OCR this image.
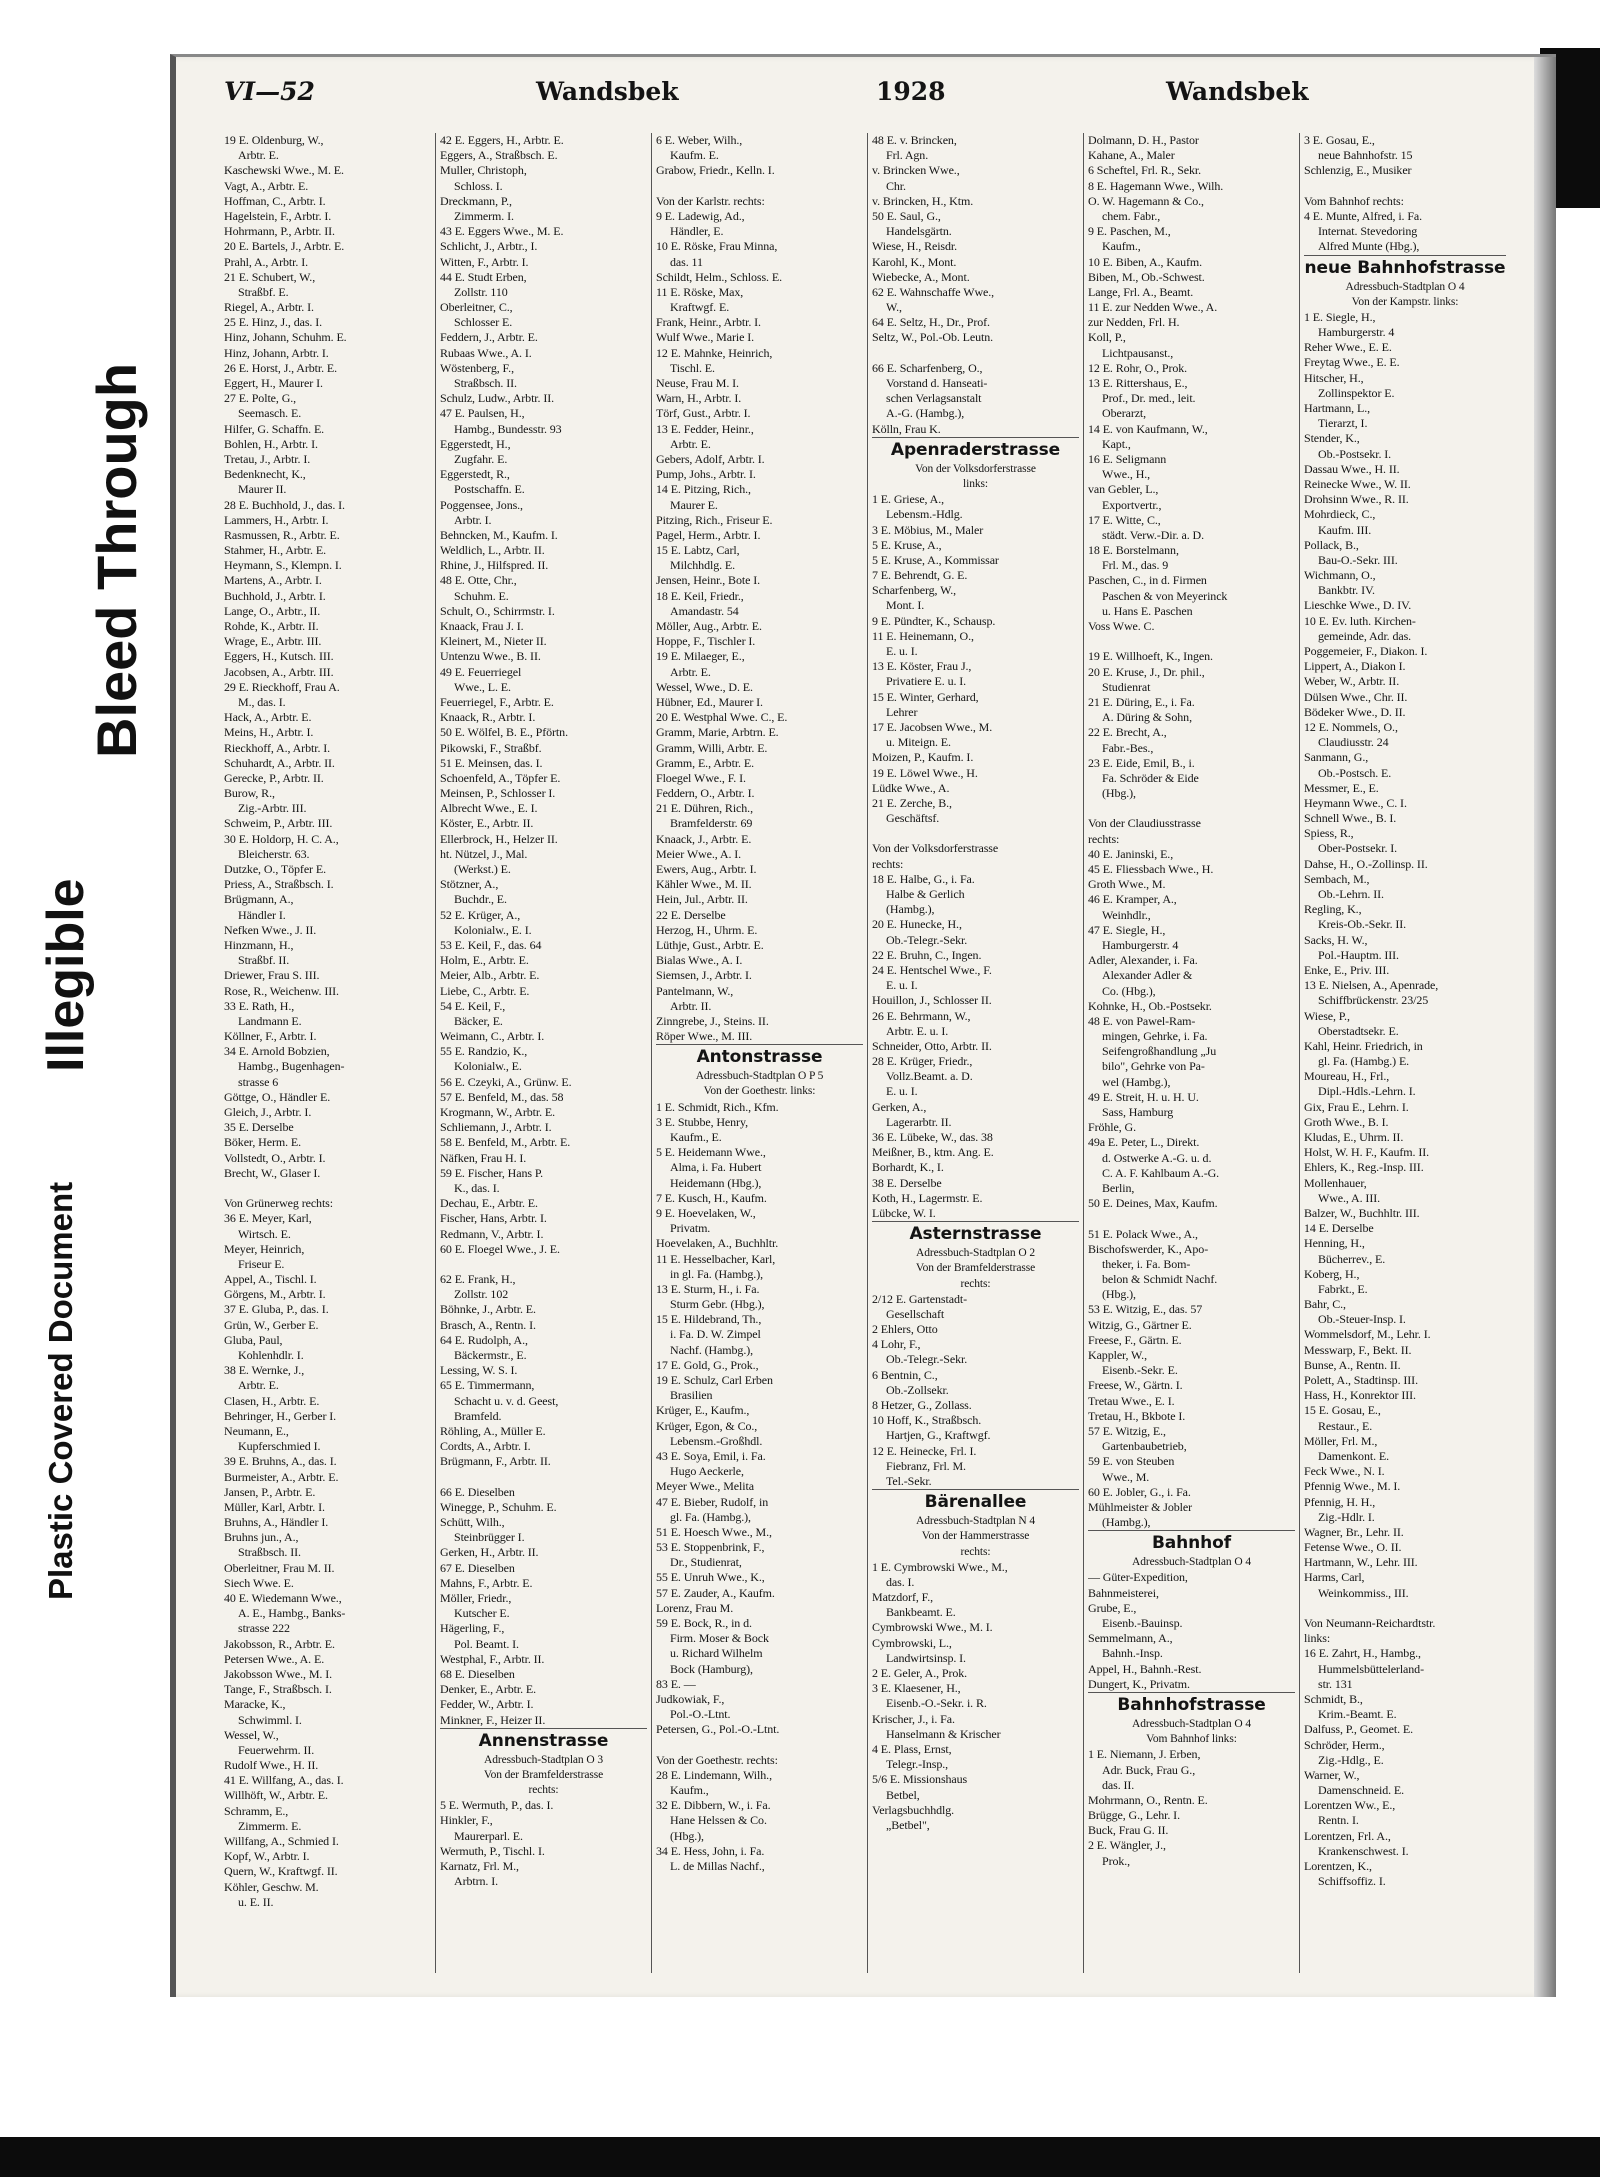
Bleed Through
Illegible
Plastic Covered Document
VI—52	Wandsbek	1928	Wandsbek
19 E. Oldenburg, W.,
Arbtr. E.
Kaschewski Wwe., M. E.
Vagt, A., Arbtr. E.
Hoffman, C., Arbtr. I.
Hagelstein, F., Arbtr. I.
Hohrmann, P., Arbtr. II.
20 E. Bartels, J., Arbtr. E.
Prahl, A., Arbtr. I.
21 E. Schubert, W.,
Straßbf. E.
Riegel, A., Arbtr. I.
25 E. Hinz, J., das. I.
Hinz, Johann, Schuhm. E.
Hinz, Johann, Arbtr. I.
26 E. Horst, J., Arbtr. E.
Eggert, H., Maurer I.
27 E. Polte, G.,
Seemasch. E.
Hilfer, G. Schaffn. E.
Bohlen, H., Arbtr. I.
Tretau, J., Arbtr. I.
Bedenknecht, K.,
Maurer II.
28 E. Buchhold, J., das. I.
Lammers, H., Arbtr. I.
Rasmussen, R., Arbtr. E.
Stahmer, H., Arbtr. E.
Heymann, S., Klempn. I.
Martens, A., Arbtr. I.
Buchhold, J., Arbtr. I.
Lange, O., Arbtr., II.
Rohde, K., Arbtr. II.
Wrage, E., Arbtr. III.
Eggers, H., Kutsch. III.
Jacobsen, A., Arbtr. III.
29 E. Rieckhoff, Frau A.
M., das. I.
Hack, A., Arbtr. E.
Meins, H., Arbtr. I.
Rieckhoff, A., Arbtr. I.
Schuhardt, A., Arbtr. II.
Gerecke, P., Arbtr. II.
Burow, R.,
Zig.-Arbtr. III.
Schweim, P., Arbtr. III.
30 E. Holdorp, H. C. A.,
Bleicherstr. 63.
Dutzke, O., Töpfer E.
Priess, A., Straßbsch. I.
Brügmann, A.,
Händler I.
Nefken Wwe., J. II.
Hinzmann, H.,
Straßbf. II.
Driewer, Frau S. III.
Rose, R., Weichenw. III.
33 E. Rath, H.,
Landmann E.
Köllner, F., Arbtr. I.
34 E. Arnold Bobzien,
Hambg., Bugenhagen-
strasse 6
Göttge, O., Händler E.
Gleich, J., Arbtr. I.
35 E. Derselbe
Böker, Herm. E.
Vollstedt, O., Arbtr. I.
Brecht, W., Glaser I.
Von Grünerweg rechts:
36 E. Meyer, Karl,
Wirtsch. E.
Meyer, Heinrich,
Friseur E.
Appel, A., Tischl. I.
Görgens, M., Arbtr. I.
37 E. Gluba, P., das. I.
Grün, W., Gerber E.
Gluba, Paul,
Kohlenhdlr. I.
38 E. Wernke, J.,
Arbtr. E.
Clasen, H., Arbtr. E.
Behringer, H., Gerber I.
Neumann, E.,
Kupferschmied I.
39 E. Bruhns, A., das. I.
Burmeister, A., Arbtr. E.
Jansen, P., Arbtr. E.
Müller, Karl, Arbtr. I.
Bruhns, A., Händler I.
Bruhns jun., A.,
Straßbsch. II.
Oberleitner, Frau M. II.
Siech Wwe. E.
40 E. Wiedemann Wwe.,
A. E., Hambg., Banks-
strasse 222
Jakobsson, R., Arbtr. E.
Petersen Wwe., A. E.
Jakobsson Wwe., M. I.
Tange, F., Straßbsch. I.
Maracke, K.,
Schwimml. I.
Wessel, W.,
Feuerwehrm. II.
Rudolf Wwe., H. II.
41 E. Willfang, A., das. I.
Willhöft, W., Arbtr. E.
Schramm, E.,
Zimmerm. E.
Willfang, A., Schmied I.
Kopf, W., Arbtr. I.
Quern, W., Kraftwgf. II.
Köhler, Geschw. M.
u. E. II.
42 E. Eggers, H., Arbtr. E.
Eggers, A., Straßbsch. E.
Muller, Christoph,
Schloss. I.
Dreckmann, P.,
Zimmerm. I.
43 E. Eggers Wwe., M. E.
Schlicht, J., Arbtr., I.
Witten, F., Arbtr. I.
44 E. Studt Erben,
Zollstr. 110
Oberleitner, C.,
Schlosser E.
Feddern, J., Arbtr. E.
Rubaas Wwe., A. I.
Wöstenberg, F.,
Straßbsch. II.
Schulz, Ludw., Arbtr. II.
47 E. Paulsen, H.,
Hambg., Bundesstr. 93
Eggerstedt, H.,
Zugfahr. E.
Eggerstedt, R.,
Postschaffn. E.
Poggensee, Jons.,
Arbtr. I.
Behncken, M., Kaufm. I.
Weldlich, L., Arbtr. II.
Rhine, J., Hilfspred. II.
48 E. Otte, Chr.,
Schuhm. E.
Schult, O., Schirrmstr. I.
Knaack, Frau J. I.
Kleinert, M., Nieter II.
Untenzu Wwe., B. II.
49 E. Feuerriegel
Wwe., L. E.
Feuerriegel, F., Arbtr. E.
Knaack, R., Arbtr. I.
50 E. Wölfel, B. E., Pförtn.
Pikowski, F., Straßbf.
51 E. Meinsen, das. I.
Schoenfeld, A., Töpfer E.
Meinsen, P., Schlosser I.
Albrecht Wwe., E. I.
Köster, E., Arbtr. II.
Ellerbrock, H., Helzer II.
ht. Nützel, J., Mal.
(Werkst.) E.
Stötzner, A.,
Buchdr., E.
52 E. Krüger, A.,
Kolonialw., E. I.
53 E. Keil, F., das. 64
Holm, E., Arbtr. E.
Meier, Alb., Arbtr. E.
Liebe, C., Arbtr. E.
54 E. Keil, F.,
Bäcker, E.
Weimann, C., Arbtr. I.
55 E. Randzio, K.,
Kolonialw., E.
56 E. Czeyki, A., Grünw. E.
57 E. Benfeld, M., das. 58
Krogmann, W., Arbtr. E.
Schliemann, J., Arbtr. I.
58 E. Benfeld, M., Arbtr. E.
Näfken, Frau H. I.
59 E. Fischer, Hans P.
K., das. I.
Dechau, E., Arbtr. E.
Fischer, Hans, Arbtr. I.
Redmann, V., Arbtr. I.
60 E. Floegel Wwe., J. E.
62 E. Frank, H.,
Zollstr. 102
Böhnke, J., Arbtr. E.
Brasch, A., Rentn. I.
64 E. Rudolph, A.,
Bäckermstr., E.
Lessing, W. S. I.
65 E. Timmermann,
Schacht u. v. d. Geest,
Bramfeld.
Röhling, A., Müller E.
Cordts, A., Arbtr. I.
Brügmann, F., Arbtr. II.
66 E. Dieselben
Winegge, P., Schuhm. E.
Schütt, Wilh.,
Steinbrügger I.
Gerken, H., Arbtr. II.
67 E. Dieselben
Mahns, F., Arbtr. E.
Möller, Friedr.,
Kutscher E.
Hägerling, F.,
Pol. Beamt. I.
Westphal, F., Arbtr. II.
68 E. Dieselben
Denker, E., Arbtr. E.
Fedder, W., Arbtr. I.
Minkner, F., Heizer II.
Annenstrasse
Adressbuch-Stadtplan O 3
Von der Bramfelderstrasse
rechts:
5 E. Wermuth, P., das. I.
Hinkler, F.,
Maurerparl. E.
Wermuth, P., Tischl. I.
Karnatz, Frl. M.,
Arbtrn. I.
6 E. Weber, Wilh.,
Kaufm. E.
Grabow, Friedr., Kelln. I.
Von der Karlstr. rechts:
9 E. Ladewig, Ad.,
Händler, E.
10 E. Röske, Frau Minna,
das. 11
Schildt, Helm., Schloss. E.
11 E. Röske, Max,
Kraftwgf. E.
Frank, Heinr., Arbtr. I.
Wulf Wwe., Marie I.
12 E. Mahnke, Heinrich,
Tischl. E.
Neuse, Frau M. I.
Warn, H., Arbtr. I.
Törf, Gust., Arbtr. I.
13 E. Fedder, Heinr.,
Arbtr. E.
Gebers, Adolf, Arbtr. I.
Pump, Johs., Arbtr. I.
14 E. Pitzing, Rich.,
Maurer E.
Pitzing, Rich., Friseur E.
Pagel, Herm., Arbtr. I.
15 E. Labtz, Carl,
Milchhdlg. E.
Jensen, Heinr., Bote I.
18 E. Keil, Friedr.,
Amandastr. 54
Möller, Aug., Arbtr. E.
Hoppe, F., Tischler I.
19 E. Milaeger, E.,
Arbtr. E.
Wessel, Wwe., D. E.
Hübner, Ed., Maurer I.
20 E. Westphal Wwe. C., E.
Gramm, Marie, Arbtrn. E.
Gramm, Willi, Arbtr. E.
Gramm, E., Arbtr. E.
Floegel Wwe., F. I.
Feddern, O., Arbtr. I.
21 E. Dühren, Rich.,
Bramfelderstr. 69
Knaack, J., Arbtr. E.
Meier Wwe., A. I.
Ewers, Aug., Arbtr. I.
Kähler Wwe., M. II.
Hein, Jul., Arbtr. II.
22 E. Derselbe
Herzog, H., Uhrm. E.
Lüthje, Gust., Arbtr. E.
Bialas Wwe., A. I.
Siemsen, J., Arbtr. I.
Pantelmann, W.,
Arbtr. II.
Zinngrebe, J., Steins. II.
Röper Wwe., M. III.
Antonstrasse
Adressbuch-Stadtplan O P 5
Von der Goethestr. links:
1 E. Schmidt, Rich., Kfm.
3 E. Stubbe, Henry,
Kaufm., E.
5 E. Heidemann Wwe.,
Alma, i. Fa. Hubert
Heidemann (Hbg.),
7 E. Kusch, H., Kaufm.
9 E. Hoevelaken, W.,
Privatm.
Hoevelaken, A., Buchhltr.
11 E. Hesselbacher, Karl,
in gl. Fa. (Hambg.),
13 E. Sturm, H., i. Fa.
Sturm Gebr. (Hbg.),
15 E. Hildebrand, Th.,
i. Fa. D. W. Zimpel
Nachf. (Hambg.),
17 E. Gold, G., Prok.,
19 E. Schulz, Carl Erben
Brasilien
Krüger, E., Kaufm.,
Krüger, Egon, & Co.,
Lebensm.-Großhdl.
43 E. Soya, Emil, i. Fa.
Hugo Aeckerle,
Meyer Wwe., Melita
47 E. Bieber, Rudolf, in
gl. Fa. (Hambg.),
51 E. Hoesch Wwe., M.,
53 E. Stoppenbrink, F.,
Dr., Studienrat,
55 E. Unruh Wwe., K.,
57 E. Zauder, A., Kaufm.
Lorenz, Frau M.
59 E. Bock, R., in d.
Firm. Moser & Bock
u. Richard Wilhelm
Bock (Hamburg),
83 E. —
Judkowiak, F.,
Pol.-O.-Ltnt.
Petersen, G., Pol.-O.-Ltnt.
Von der Goethestr. rechts:
28 E. Lindemann, Wilh.,
Kaufm.,
32 E. Dibbern, W., i. Fa.
Hane Helssen & Co.
(Hbg.),
34 E. Hess, John, i. Fa.
L. de Millas Nachf.,
48 E. v. Brincken,
Frl. Agn.
v. Brincken Wwe.,
Chr.
v. Brincken, H., Ktm.
50 E. Saul, G.,
Handelsgärtn.
Wiese, H., Reisdr.
Karohl, K., Mont.
Wiebecke, A., Mont.
62 E. Wahnschaffe Wwe.,
W.,
64 E. Seltz, H., Dr., Prof.
Seltz, W., Pol.-Ob. Leutn.
66 E. Scharfenberg, O.,
Vorstand d. Hanseati-
schen Verlagsanstalt
A.-G. (Hambg.),
Kölln, Frau K.
Apenraderstrasse
Von der Volksdorferstrasse
links:
1 E. Griese, A.,
Lebensm.-Hdlg.
3 E. Möbius, M., Maler
5 E. Kruse, A.,
5 E. Kruse, A., Kommissar
7 E. Behrendt, G. E.
Scharfenberg, W.,
Mont. I.
9 E. Pündter, K., Schausp.
11 E. Heinemann, O.,
E. u. I.
13 E. Köster, Frau J.,
Privatiere E. u. I.
15 E. Winter, Gerhard,
Lehrer
17 E. Jacobsen Wwe., M.
u. Miteign. E.
Moizen, P., Kaufm. I.
19 E. Löwel Wwe., H.
Lüdke Wwe., A.
21 E. Zerche, B.,
Geschäftsf.
Von der Volksdorferstrasse
rechts:
18 E. Halbe, G., i. Fa.
Halbe & Gerlich
(Hambg.),
20 E. Hunecke, H.,
Ob.-Telegr.-Sekr.
22 E. Bruhn, C., Ingen.
24 E. Hentschel Wwe., F.
E. u. I.
Houillon, J., Schlosser II.
26 E. Behrmann, W.,
Arbtr. E. u. I.
Schneider, Otto, Arbtr. II.
28 E. Krüger, Friedr.,
Vollz.Beamt. a. D.
E. u. I.
Gerken, A.,
Lagerarbtr. II.
36 E. Lübeke, W., das. 38
Meißner, B., ktm. Ang. E.
Borhardt, K., I.
38 E. Derselbe
Koth, H., Lagermstr. E.
Lübcke, W. I.
Asternstrasse
Adressbuch-Stadtplan O 2
Von der Bramfelderstrasse
rechts:
2/12 E. Gartenstadt-
Gesellschaft
2 Ehlers, Otto
4 Lohr, F.,
Ob.-Telegr.-Sekr.
6 Bentnin, C.,
Ob.-Zollsekr.
8 Hetzer, G., Zollass.
10 Hoff, K., Straßbsch.
Hartjen, G., Kraftwgf.
12 E. Heinecke, Frl. I.
Fiebranz, Frl. M.
Tel.-Sekr.
Bärenallee
Adressbuch-Stadtplan N 4
Von der Hammerstrasse
rechts:
1 E. Cymbrowski Wwe., M.,
das. I.
Matzdorf, F.,
Bankbeamt. E.
Cymbrowski Wwe., M. I.
Cymbrowski, L.,
Landwirtsinsp. I.
2 E. Geler, A., Prok.
3 E. Klaesener, H.,
Eisenb.-O.-Sekr. i. R.
Krischer, J., i. Fa.
Hanselmann & Krischer
4 E. Plass, Ernst,
Telegr.-Insp.,
5/6 E. Missionshaus
Betbel,
Verlagsbuchhdlg.
„Betbel",
Dolmann, D. H., Pastor
Kahane, A., Maler
6 Scheftel, Frl. R., Sekr.
8 E. Hagemann Wwe., Wilh.
O. W. Hagemann & Co.,
chem. Fabr.,
9 E. Paschen, M.,
Kaufm.,
10 E. Biben, A., Kaufm.
Biben, M., Ob.-Schwest.
Lange, Frl. A., Beamt.
11 E. zur Nedden Wwe., A.
zur Nedden, Frl. H.
Koll, P.,
Lichtpausanst.,
12 E. Rohr, O., Prok.
13 E. Rittershaus, E.,
Prof., Dr. med., leit.
Oberarzt,
14 E. von Kaufmann, W.,
Kapt.,
16 E. Seligmann
Wwe., H.,
van Gebler, L.,
Exportvertr.,
17 E. Witte, C.,
städt. Verw.-Dir. a. D.
18 E. Borstelmann,
Frl. M., das. 9
Paschen, C., in d. Firmen
Paschen & von Meyerinck
u. Hans E. Paschen
Voss Wwe. C.
19 E. Willhoeft, K., Ingen.
20 E. Kruse, J., Dr. phil.,
Studienrat
21 E. Düring, E., i. Fa.
A. Düring & Sohn,
22 E. Brecht, A.,
Fabr.-Bes.,
23 E. Eide, Emil, B., i.
Fa. Schröder & Eide
(Hbg.),
Von der Claudiusstrasse
rechts:
40 E. Janinski, E.,
45 E. Fliessbach Wwe., H.
Groth Wwe., M.
46 E. Kramper, A.,
Weinhdlr.,
47 E. Siegle, H.,
Hamburgerstr. 4
Adler, Alexander, i. Fa.
Alexander Adler &
Co. (Hbg.),
Kohnke, H., Ob.-Postsekr.
48 E. von Pawel-Ram-
mingen, Gehrke, i. Fa.
Seifengroßhandlung „Ju
bilo", Gehrke von Pa-
wel (Hambg.),
49 E. Streit, H. u. H. U.
Sass, Hamburg
Fröhle, G.
49a E. Peter, L., Direkt.
d. Ostwerke A.-G. u. d.
C. A. F. Kahlbaum A.-G.
Berlin,
50 E. Deines, Max, Kaufm.
51 E. Polack Wwe., A.,
Bischofswerder, K., Apo-
theker, i. Fa. Bom-
belon & Schmidt Nachf.
(Hbg.),
53 E. Witzig, E., das. 57
Witzig, G., Gärtner E.
Freese, F., Gärtn. E.
Kappler, W.,
Eisenb.-Sekr. E.
Freese, W., Gärtn. I.
Tretau Wwe., E. I.
Tretau, H., Bkbote I.
57 E. Witzig, E.,
Gartenbaubetrieb,
59 E. von Steuben
Wwe., M.
60 E. Jobler, G., i. Fa.
Mühlmeister & Jobler
(Hambg.),
Bahnhof
Adressbuch-Stadtplan O 4
— Güter-Expedition,
Bahnmeisterei,
Grube, E.,
Eisenb.-Bauinsp.
Semmelmann, A.,
Bahnh.-Insp.
Appel, H., Bahnh.-Rest.
Dungert, K., Privatm.
Bahnhofstrasse
Adressbuch-Stadtplan O 4
Vom Bahnhof links:
1 E. Niemann, J. Erben,
Adr. Buck, Frau G.,
das. II.
Mohrmann, O., Rentn. E.
Brügge, G., Lehr. I.
Buck, Frau G. II.
2 E. Wängler, J.,
Prok.,
3 E. Gosau, E.,
neue Bahnhofstr. 15
Schlenzig, E., Musiker
Vom Bahnhof rechts:
4 E. Munte, Alfred, i. Fa.
Internat. Stevedoring
Alfred Munte (Hbg.),
neue Bahnhofstrasse
Adressbuch-Stadtplan O 4
Von der Kampstr. links:
1 E. Siegle, H.,
Hamburgerstr. 4
Reher Wwe., E. E.
Freytag Wwe., E. E.
Hitscher, H.,
Zollinspektor E.
Hartmann, L.,
Tierarzt, I.
Stender, K.,
Ob.-Postsekr. I.
Dassau Wwe., H. II.
Reinecke Wwe., W. II.
Drohsinn Wwe., R. II.
Mohrdieck, C.,
Kaufm. III.
Pollack, B.,
Bau-O.-Sekr. III.
Wichmann, O.,
Bankbtr. IV.
Lieschke Wwe., D. IV.
10 E. Ev. luth. Kirchen-
gemeinde, Adr. das.
Poggemeier, F., Diakon. I.
Lippert, A., Diakon I.
Weber, W., Arbtr. II.
Dülsen Wwe., Chr. II.
Bödeker Wwe., D. II.
12 E. Nommels, O.,
Claudiusstr. 24
Sanmann, G.,
Ob.-Postsch. E.
Messmer, E., E.
Heymann Wwe., C. I.
Schnell Wwe., B. I.
Spiess, R.,
Ober-Postsekr. I.
Dahse, H., O.-Zollinsp. II.
Sembach, M.,
Ob.-Lehrn. II.
Regling, K.,
Kreis-Ob.-Sekr. II.
Sacks, H. W.,
Pol.-Hauptm. III.
Enke, E., Priv. III.
13 E. Nielsen, A., Apenrade,
Schiffbrückenstr. 23/25
Wiese, P.,
Oberstadtsekr. E.
Kahl, Heinr. Friedrich, in
gl. Fa. (Hambg.) E.
Moureau, H., Frl.,
Dipl.-Hdls.-Lehrn. I.
Gix, Frau E., Lehrn. I.
Groth Wwe., B. I.
Kludas, E., Uhrm. II.
Holst, W. H. F., Kaufm. II.
Ehlers, K., Reg.-Insp. III.
Mollenhauer,
Wwe., A. III.
Balzer, W., Buchhltr. III.
14 E. Derselbe
Henning, H.,
Bücherrev., E.
Koberg, H.,
Fabrkt., E.
Bahr, C.,
Ob.-Steuer-Insp. I.
Wommelsdorf, M., Lehr. I.
Messwarp, F., Bekt. II.
Bunse, A., Rentn. II.
Polett, A., Stadtinsp. III.
Hass, H., Konrektor III.
15 E. Gosau, E.,
Restaur., E.
Möller, Frl. M.,
Damenkont. E.
Feck Wwe., N. I.
Pfennig Wwe., M. I.
Pfennig, H. H.,
Zig.-Hdlr. I.
Wagner, Br., Lehr. II.
Fetense Wwe., O. II.
Hartmann, W., Lehr. III.
Harms, Carl,
Weinkommiss., III.
Von Neumann-Reichardtstr.
links:
16 E. Zahrt, H., Hambg.,
Hummelsbüttelerland-
str. 131
Schmidt, B.,
Krim.-Beamt. E.
Dalfuss, P., Geomet. E.
Schröder, Herm.,
Zig.-Hdlg., E.
Warner, W.,
Damenschneid. E.
Lorentzen Ww., E.,
Rentn. I.
Lorentzen, Frl. A.,
Krankenschwest. I.
Lorentzen, K.,
Schiffsoffiz. I.
